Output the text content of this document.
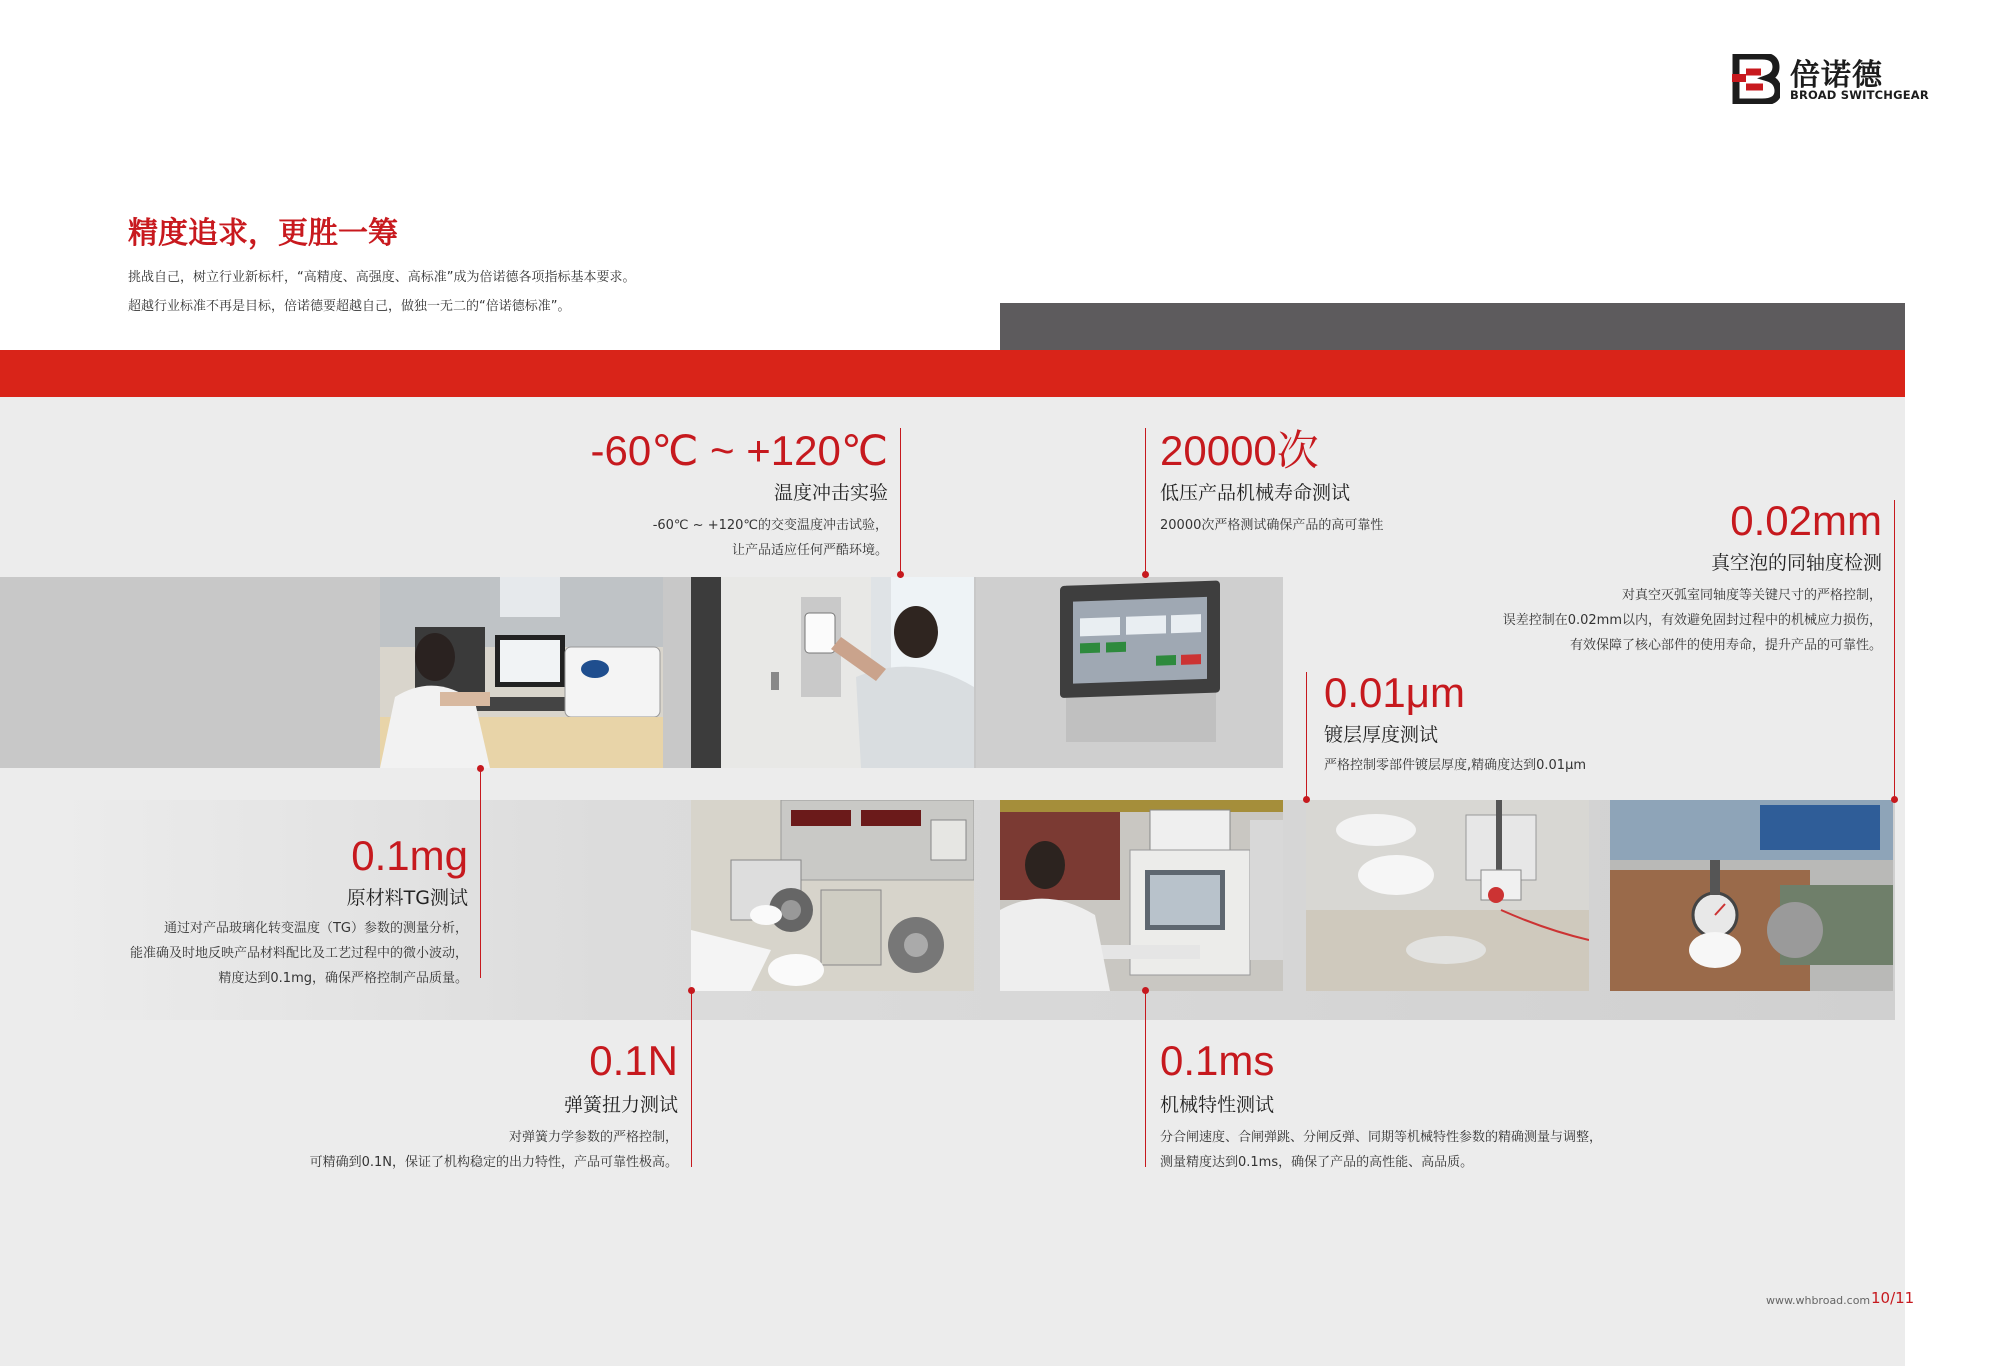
倍诺德
BROAD SWITCHGEAR
精度追求，更胜一筹
挑战自己，树立行业新标杆，“高精度、高强度、高标准”成为倍诺德各项指标基本要求。
超越行业标准不再是目标，倍诺德要超越自己，做独一无二的“倍诺德标准”。
-60℃ ~ +120℃
温度冲击实验
-60℃ ~ +120℃的交变温度冲击试验，
让产品适应任何严酷环境。
20000次
低压产品机械寿命测试
20000次严格测试确保产品的高可靠性	0.02mm
真空泡的同轴度检测
对真空灭弧室同轴度等关键尺寸的严格控制，
误差控制在0.02mm以内，有效避免固封过程中的机械应力损伤，
有效保障了核心部件的使用寿命，提升产品的可靠性。
0.01μm
镀层厚度测试
严格控制零部件镀层厚度,精确度达到0.01μm
0.1mg
原材料TG测试
通过对产品玻璃化转变温度（TG）参数的测量分析，
能准确及时地反映产品材料配比及工艺过程中的微小波动，
精度达到0.1mg，确保严格控制产品质量。
0.1N
弹簧扭力测试
对弹簧力学参数的严格控制，
可精确到0.1N，保证了机构稳定的出力特性，产品可靠性极高。
0.1ms
机械特性测试
分合闸速度、合闸弹跳、分闸反弹、同期等机械特性参数的精确测量与调整，
测量精度达到0.1ms，确保了产品的高性能、高品质。
www.whbroad.com 10/11
